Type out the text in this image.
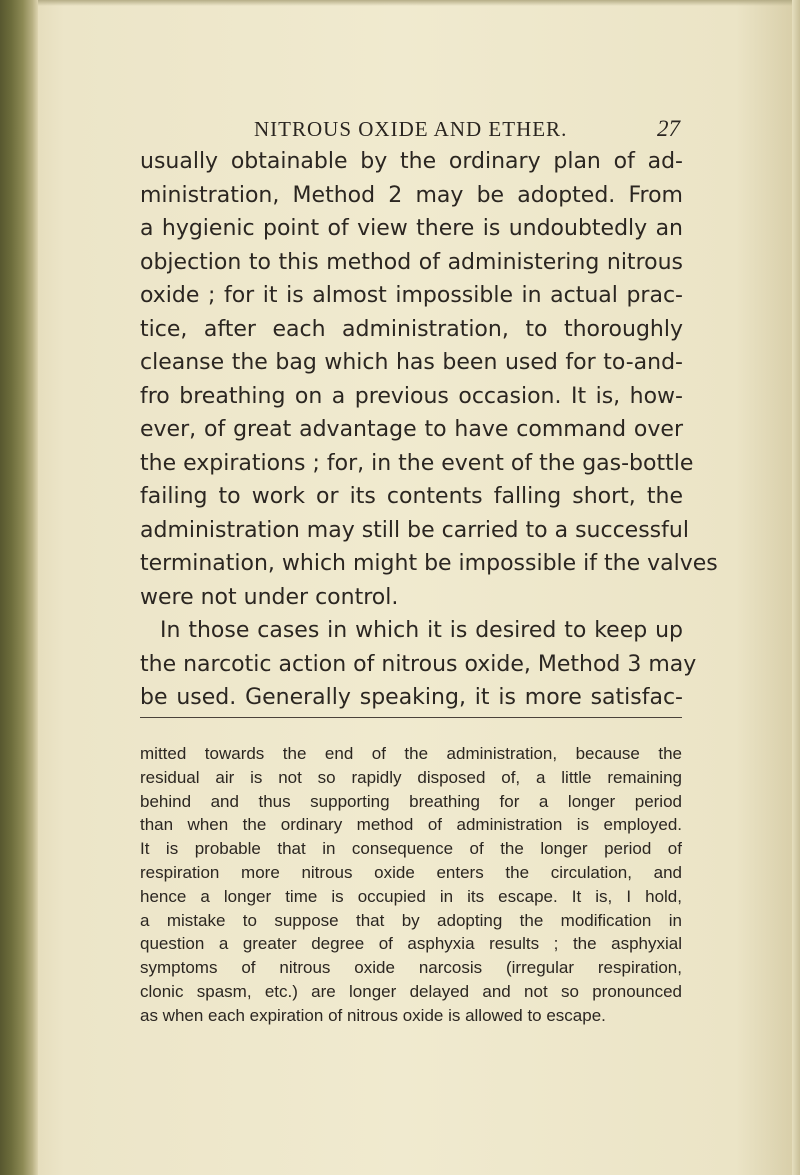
NITROUS OXIDE AND ETHER.	27
usually obtainable by the ordinary plan of ad-
ministration, Method 2 may be adopted. From
a hygienic point of view there is undoubtedly an
objection to this method of administering nitrous
oxide ; for it is almost impossible in actual prac-
tice, after each administration, to thoroughly
cleanse the bag which has been used for to-and-
fro breathing on a previous occasion. It is, how-
ever, of great advantage to have command over
the expirations ; for, in the event of the gas-bottle
failing to work or its contents falling short, the
administration may still be carried to a successful
termination, which might be impossible if the valves
were not under control.
In those cases in which it is desired to keep up
the narcotic action of nitrous oxide, Method 3 may
be used. Generally speaking, it is more satisfac-
mitted towards the end of the administration, because the
residual air is not so rapidly disposed of, a little remaining
behind and thus supporting breathing for a longer period
than when the ordinary method of administration is employed.
It is probable that in consequence of the longer period of
respiration more nitrous oxide enters the circulation, and
hence a longer time is occupied in its escape. It is, I hold,
a mistake to suppose that by adopting the modification in
question a greater degree of asphyxia results ; the asphyxial
symptoms of nitrous oxide narcosis (irregular respiration,
clonic spasm, etc.) are longer delayed and not so pronounced
as when each expiration of nitrous oxide is allowed to escape.
